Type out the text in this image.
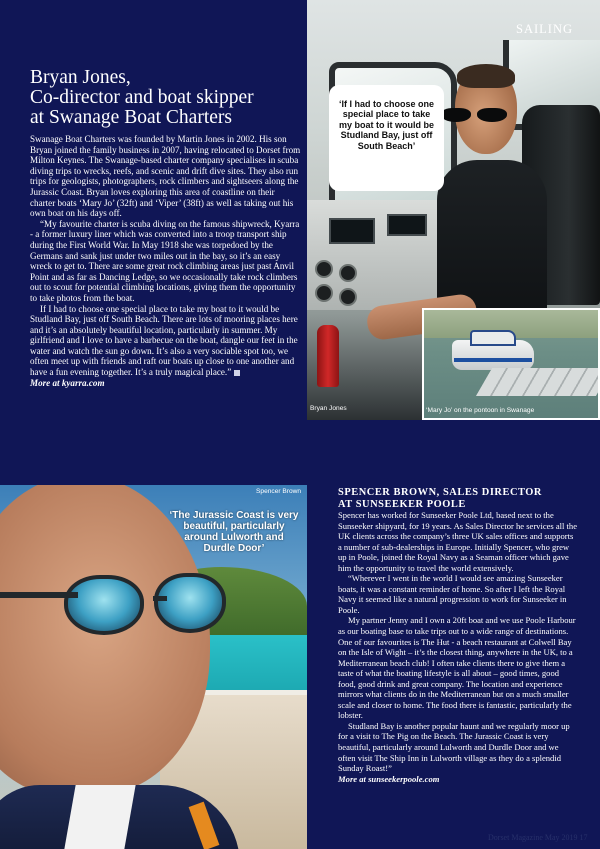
Bryan Jones,
Co-director and boat skipper
at Swanage Boat Charters

Swanage Boat Charters was founded by Martin Jones in 2002. His son Bryan joined the family business in 2007, having relocated to Dorset from Milton Keynes. The Swanage-based charter company specialises in scuba diving trips to wrecks, reefs, and scenic and drift dive sites. They also run trips for geologists, photographers, rock climbers and sightseers along the Jurassic Coast. Bryan loves exploring this area of coastline on their charter boats ‘Mary Jo’ (32ft) and ‘Viper’ (38ft) as well as taking out his own boat on his days off.

“My favourite charter is scuba diving on the famous shipwreck, Kyarra - a former luxury liner which was converted into a troop transport ship during the First World War. In May 1918 she was torpedoed by the Germans and sank just under two miles out in the bay, so it’s an easy wreck to get to. There are some great rock climbing areas just past Anvil Point and as far as Dancing Ledge, so we occasionally take rock climbers out to scout for potential climbing locations, giving them the opportunity to take photos from the boat.

If I had to choose one special place to take my boat to it would be Studland Bay, just off South Beach. There are lots of mooring places here and it’s an absolutely beautiful location, particularly in summer. My girlfriend and I love to have a barbecue on the boat, dangle our feet in the water and watch the sun go down. It’s also a very sociable spot too, we often meet up with friends and raft our boats up close to one another and have a fun evening together. It’s a truly magical place.”

More at kyarra.com
SAILING
‘If I had to choose one special place to take my boat to it would be Studland Bay, just off South Beach’
Bryan Jones	‘Mary Jo’ on the pontoon in Swanage
Spencer Brown
‘The Jurassic Coast is very beautiful, particularly around Lulworth and Durdle Door’
SPENCER BROWN, SALES DIRECTOR
AT SUNSEEKER POOLE

Spencer has worked for Sunseeker Poole Ltd, based next to the Sunseeker shipyard, for 19 years. As Sales Director he services all the UK clients across the company’s three UK sales offices and supports a number of sub-dealerships in Europe. Initially Spencer, who grew up in Poole, joined the Royal Navy as a Seaman officer which gave him the opportunity to travel the world extensively.

“Wherever I went in the world I would see amazing Sunseeker boats, it was a constant reminder of home. So after I left the Royal Navy it seemed like a natural progression to work for Sunseeker in Poole.

My partner Jenny and I own a 20ft boat and we use Poole Harbour as our boating base to take trips out to a wide range of destinations. One of our favourites is The Hut - a beach restaurant at Colwell Bay on the Isle of Wight – it’s the closest thing, anywhere in the UK, to a Mediterranean beach club! I often take clients there to give them a taste of what the boating lifestyle is all about – good times, good food, good drink and great company. The location and experience mirrors what clients do in the Mediterranean but on a much smaller scale and closer to home. The food there is fantastic, particularly the lobster.

Studland Bay is another popular haunt and we regularly moor up for a visit to The Pig on the Beach. The Jurassic Coast is very beautiful, particularly around Lulworth and Durdle Door and we often visit The Ship Inn in Lulworth village as they do a splendid Sunday Roast!”

More at sunseekerpoole.com
Dorset Magazine May 2019 17
